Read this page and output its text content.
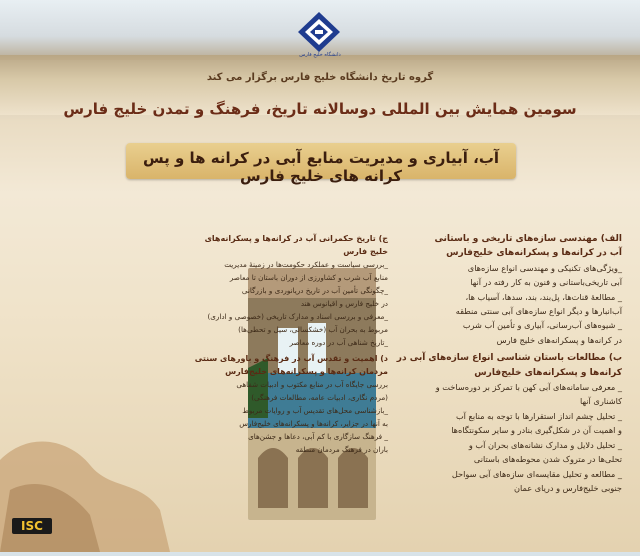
دانشگاه خلیج فارس
گروه تاریخ دانشگاه خلیج فارس برگزار می کند
سومین همایش بین المللی دوسالانه تاریخ، فرهنگ و تمدن خلیج فارس
آب، آبیاری و مدیریت منابع آبی در کرانه ها و پس کرانه های خلیج فارس
الف) مهندسی سازه‌های تاریخی و باستانی
آب در کرانه‌ها و پسکرانه‌های خلیج‌فارس
_ویژگی‌های تکنیکی و مهندسی انواع سازه‌های
آبی تاریخی‌باستانی و فنون به کار رفته در آنها
_ مطالعهٔ قنات‌ها، پل‌بند، بند، سدها، آسیاب ها،
آب‌انبارها و دیگر انواع سازه‌های آبی سنتی منطقه
_ شیوه‌های آب‌رسانی، آبیاری و تأمین آب شرب
در کرانه‌ها و پسکرانه‌های خلیج فارس
ب) مطالعات باستان شناسی انواع سازه‌های آبی در
کرانه‌ها و پسکرانه‌های خلیج‌فارس
_ معرفی سامانه‌های آبی کهن با تمرکز بر دوره‌ساخت و
کاشناری آنها
_ تحلیل چشم انداز استقرارها با توجه به منابع آب
و اهمیت آن در شکل‌گیری بنادر و سایر سکونتگاه‌ها
_ تحلیل دلایل و مدارک نشانه‌های بحران آب و
تحلی‌ها در متروک شدن محوطه‌های باستانی
_ مطالعه و تحلیل مقایسه‌ای سازه‌های آبی سواحل
جنوبی خلیج‌فارس و دریای عمان
ج) تاریخ حکمرانی آب در کرانه‌ها و پسکرانه‌های
خلیج فارس
_بررسی سیاست و عملکرد حکومت‌ها در زمینهٔ مدیریت
منابع آب شرب و کشاورزی از دوران باستان تا معاصر
_چگونگی تأمین آب در تاریخ دریانوردی و بازرگانی
در خلیج فارس و اقیانوس هند
_معرفی و بررسی اسناد و مدارک تاریخی (خصوصی و اداری)
مربوط به بحران آب (خشکسالی، سیل و تحطی‌ها)
_تاریخ شناهی آب در دوره معاصر
د) اهمیت و تقدس آب در فرهنگ و باورهای سنتی
مردمان کرانه‌ها و پسکرانه‌های خلیج‌فارس
بررسی جایگاه آب در منابع مکتوب و ادبیات شفاهی
(مردم نگاری، ادبیات عامه، مطالعات فرهنگی)
_بازشناسی محل‌های تقدیس آب و روایات مربوط
به آنها در جزایر، کرانه‌ها و پسکرانه‌های خلیج‌فارس
_ فرهنگ سازگاری با کم آبی، دعاها و جشن‌های
باران در فرهنگ مردمان منطقه
ISC
